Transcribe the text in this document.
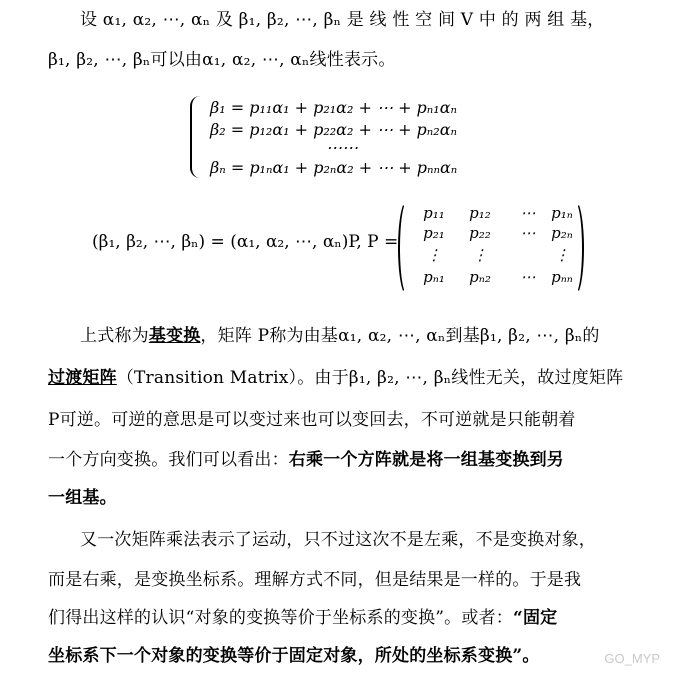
设 α₁, α₂, ⋯, αₙ 及 β₁, β₂, ⋯, βₙ 是 线 性 空 间 V 中 的 两 组 基，
β₁, β₂, ⋯, βₙ可以由α₁, α₂, ⋯, αₙ线性表示。
β₁ = p₁₁α₁ + p₂₁α₂ + ⋯ + pₙ₁αₙ
β₂ = p₁₂α₁ + p₂₂α₂ + ⋯ + pₙ₂αₙ
⋯⋯
βₙ = p₁ₙα₁ + p₂ₙα₂ + ⋯ + pₙₙαₙ
(β₁, β₂, ⋯, βₙ) = (α₁, α₂, ⋯, αₙ)P, P =
p₁₁	p₁₂	⋯	p₁ₙ
p₂₁	p₂₂	⋯	p₂ₙ
⋮	⋮	⋮
pₙ₁	pₙ₂	⋯	pₙₙ
上式称为基变换，矩阵 P称为由基α₁, α₂, ⋯, αₙ到基β₁, β₂, ⋯, βₙ的
过渡矩阵（Transition Matrix）。由于β₁, β₂, ⋯, βₙ线性无关，故过度矩阵
P可逆。可逆的意思是可以变过来也可以变回去，不可逆就是只能朝着
一个方向变换。我们可以看出：右乘一个方阵就是将一组基变换到另
一组基。
又一次矩阵乘法表示了运动，只不过这次不是左乘，不是变换对象，
而是右乘，是变换坐标系。理解方式不同，但是结果是一样的。于是我
们得出这样的认识“对象的变换等价于坐标系的变换”。或者：“固定
坐标系下一个对象的变换等价于固定对象，所处的坐标系变换”。	GO_MYP
